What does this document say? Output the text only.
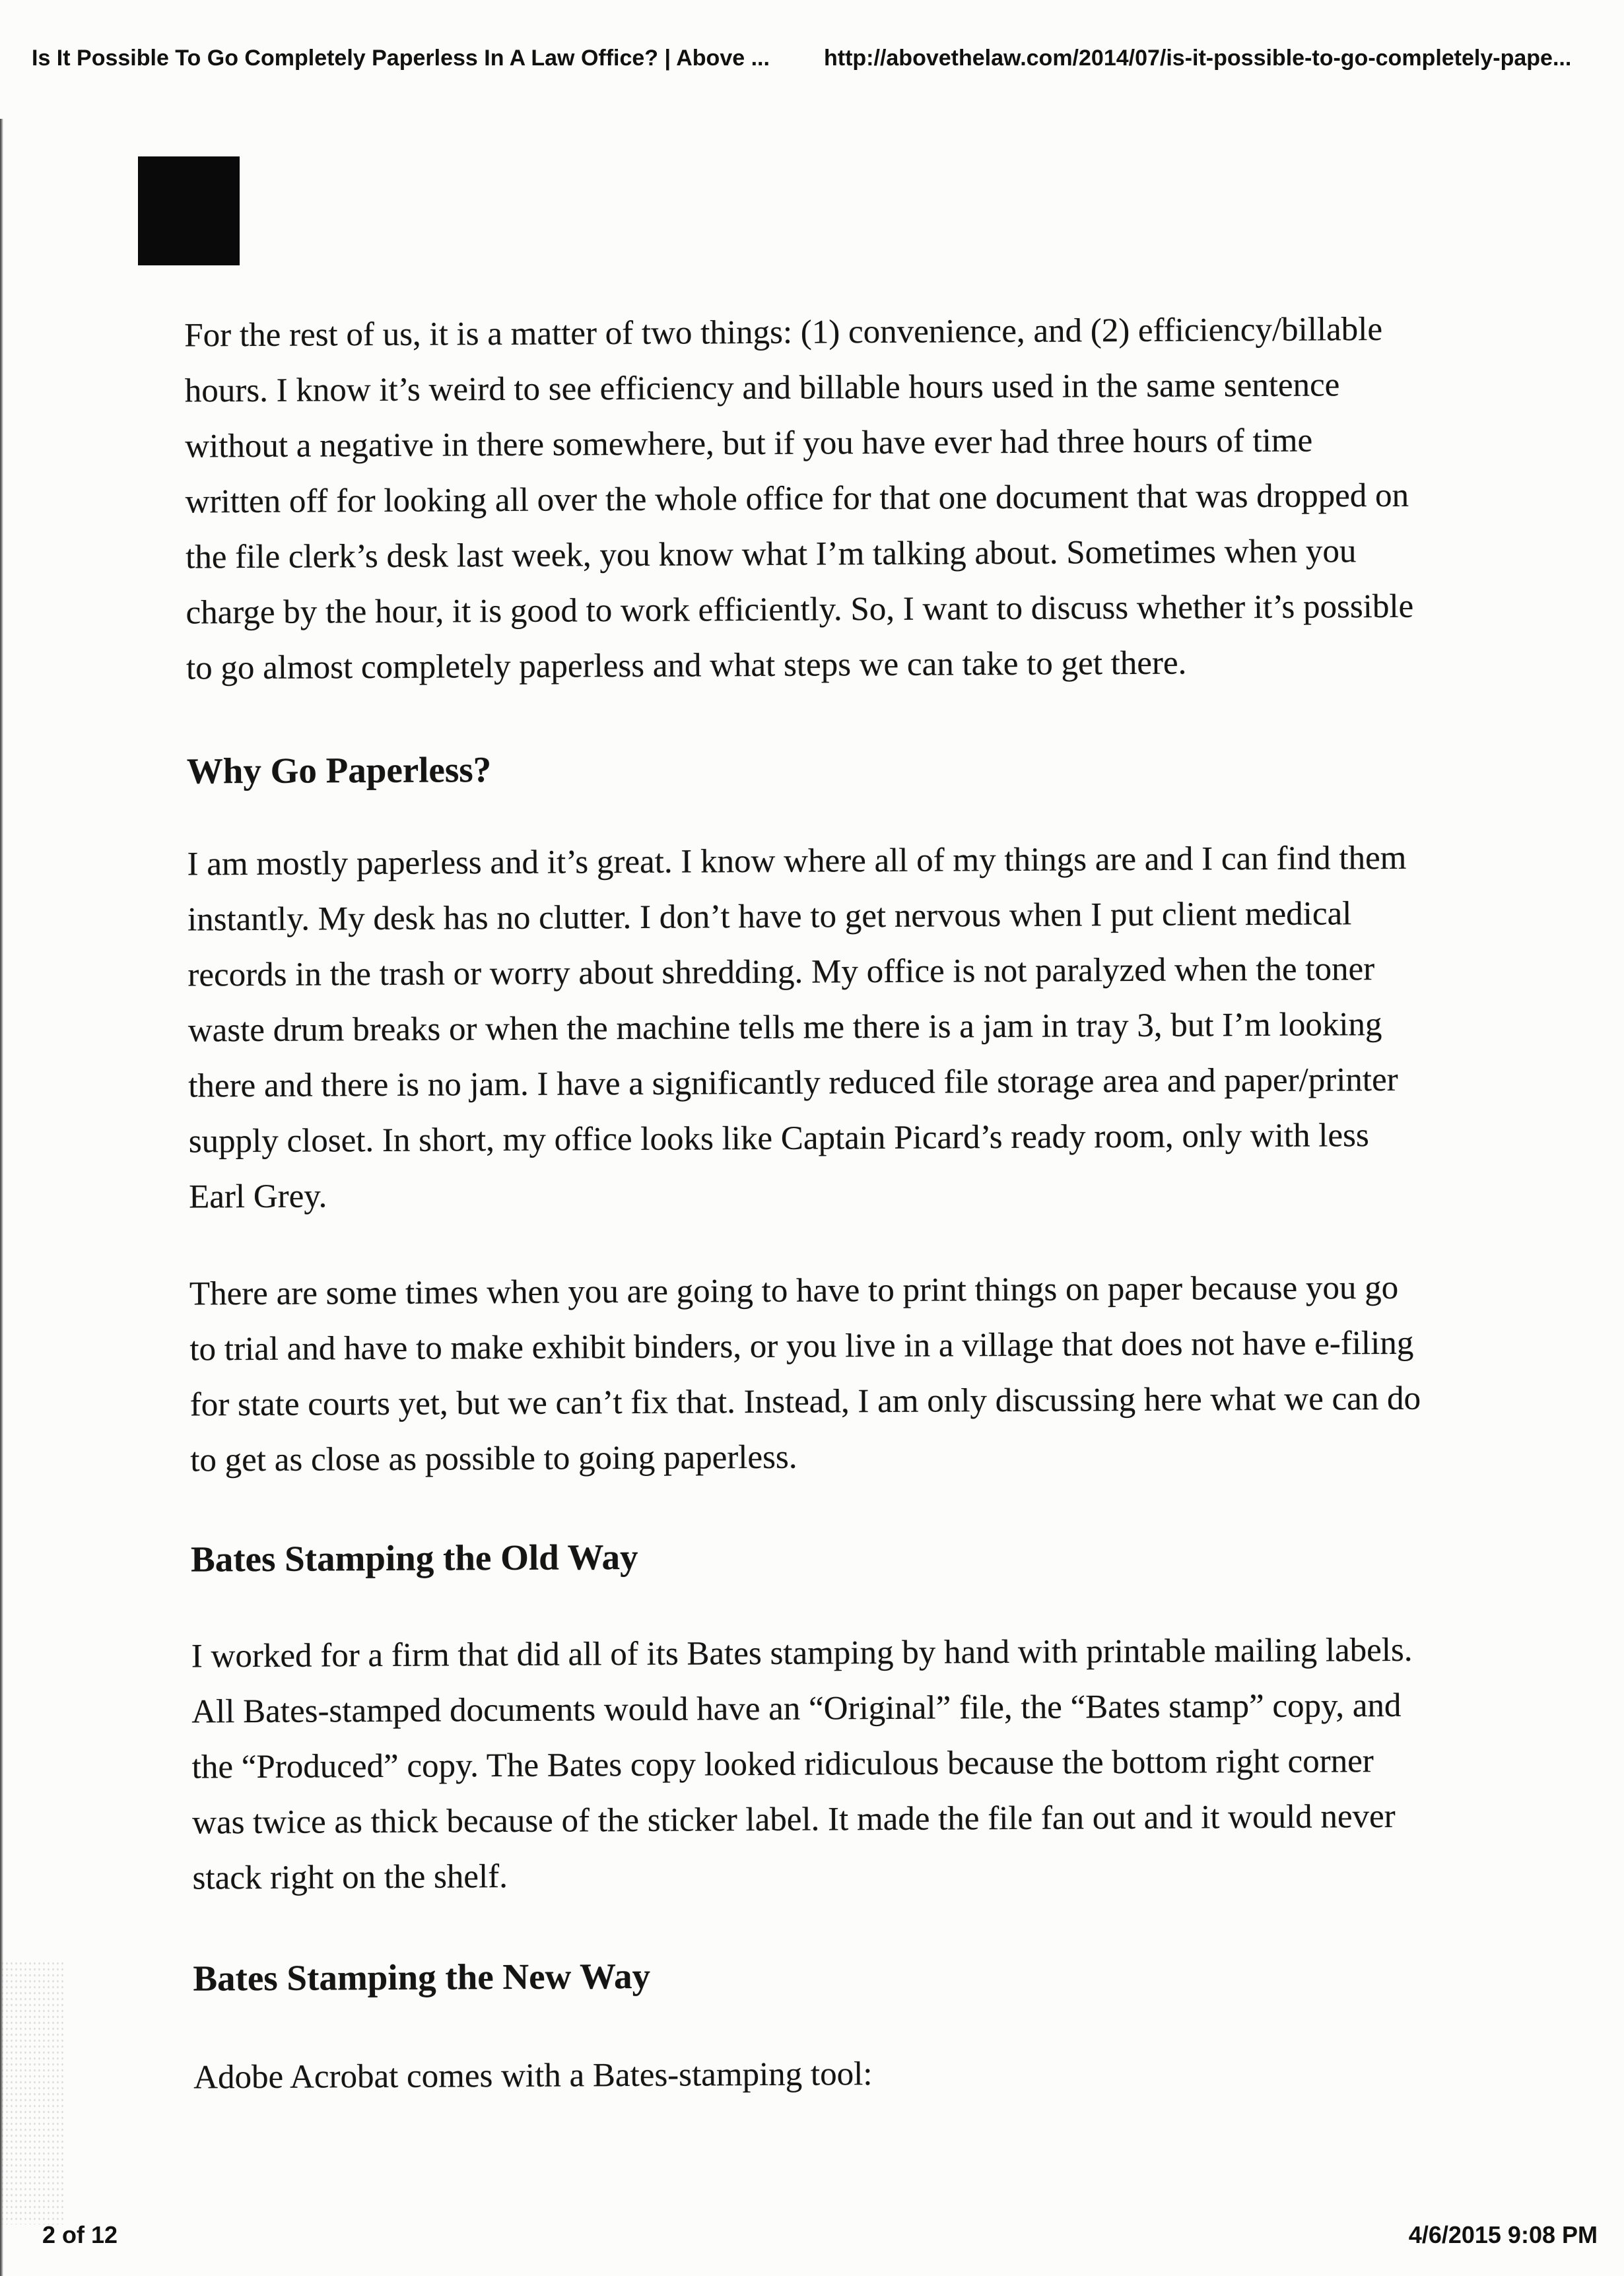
Is It Possible To Go Completely Paperless In A Law Office? | Above ...	http://abovethelaw.com/2014/07/is-it-possible-to-go-completely-pape...
For the rest of us, it is a matter of two things: (1) convenience, and (2) efficiency/billable
hours. I know it’s weird to see efficiency and billable hours used in the same sentence
without a negative in there somewhere, but if you have ever had three hours of time
written off for looking all over the whole office for that one document that was dropped on
the file clerk’s desk last week, you know what I’m talking about. Sometimes when you
charge by the hour, it is good to work efficiently. So, I want to discuss whether it’s possible
to go almost completely paperless and what steps we can take to get there.
Why Go Paperless?
I am mostly paperless and it’s great. I know where all of my things are and I can find them
instantly. My desk has no clutter. I don’t have to get nervous when I put client medical
records in the trash or worry about shredding. My office is not paralyzed when the toner
waste drum breaks or when the machine tells me there is a jam in tray 3, but I’m looking
there and there is no jam. I have a significantly reduced file storage area and paper/printer
supply closet. In short, my office looks like Captain Picard’s ready room, only with less
Earl Grey.
There are some times when you are going to have to print things on paper because you go
to trial and have to make exhibit binders, or you live in a village that does not have e-filing
for state courts yet, but we can’t fix that. Instead, I am only discussing here what we can do
to get as close as possible to going paperless.
Bates Stamping the Old Way
I worked for a firm that did all of its Bates stamping by hand with printable mailing labels.
All Bates-stamped documents would have an “Original” file, the “Bates stamp” copy, and
the “Produced” copy. The Bates copy looked ridiculous because the bottom right corner
was twice as thick because of the sticker label. It made the file fan out and it would never
stack right on the shelf.
Bates Stamping the New Way
Adobe Acrobat comes with a Bates-stamping tool:
2 of 12	4/6/2015 9:08 PM
